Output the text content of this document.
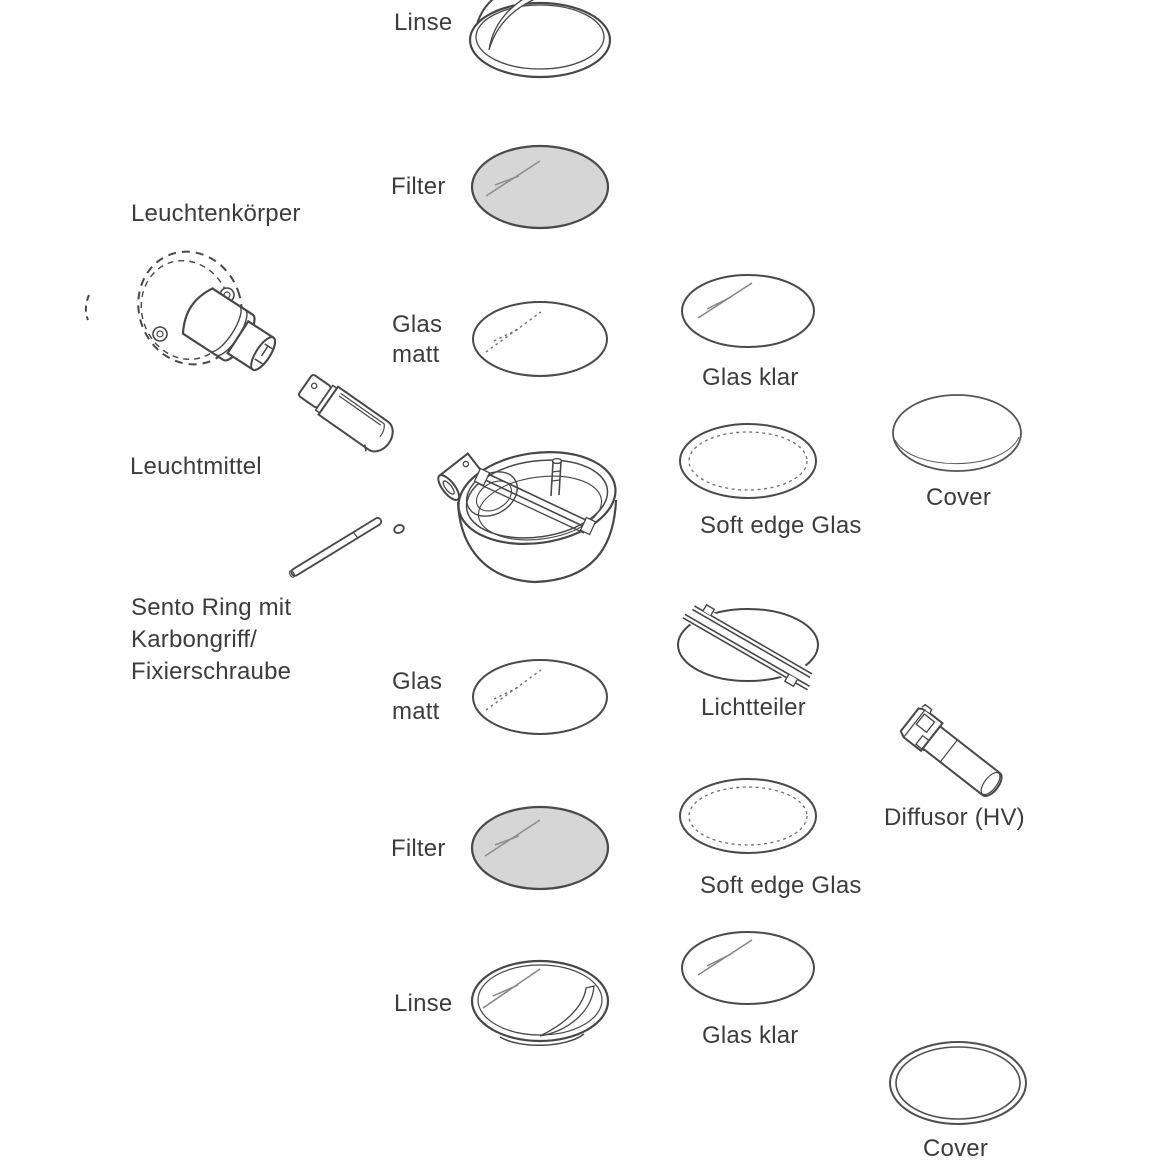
Linse
Filter
Leuchtenkörper
Glas
matt
Glas klar
Leuchtmittel
Soft edge Glas
Cover
Sento Ring mit
Karbongriff/
Fixierschraube	Glas
matt	Lichtteiler
Diffusor (HV)
Filter
Soft edge Glas
Linse
Glas klar
Cover
